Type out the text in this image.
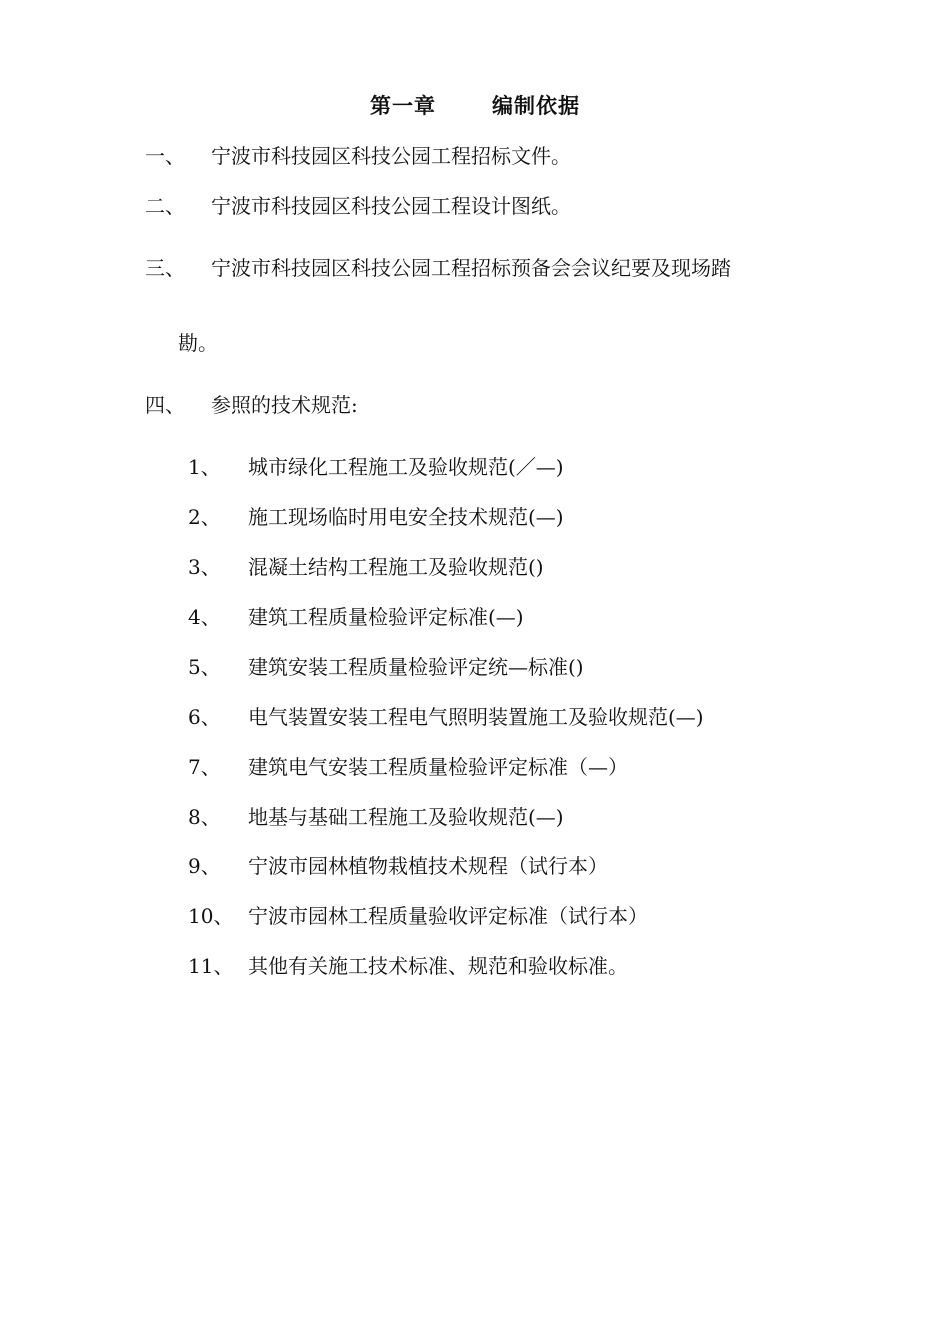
第一章	编制依据
一、 宁波市科技园区科技公园工程招标文件。
二、 宁波市科技园区科技公园工程设计图纸。
三、 宁波市科技园区科技公园工程招标预备会会议纪要及现场踏
勘。
四、 参照的技术规范:
1、 城市绿化工程施工及验收规范(／—)
2、 施工现场临时用电安全技术规范(—)
3、 混凝土结构工程施工及验收规范()
4、 建筑工程质量检验评定标准(—)
5、 建筑安装工程质量检验评定统—标准()
6、 电气装置安装工程电气照明装置施工及验收规范(—)
7、 建筑电气安装工程质量检验评定标准（—）
8、 地基与基础工程施工及验收规范(—)
9、 宁波市园林植物栽植技术规程（试行本）
10、 宁波市园林工程质量验收评定标准（试行本）
11、 其他有关施工技术标准、规范和验收标准。
